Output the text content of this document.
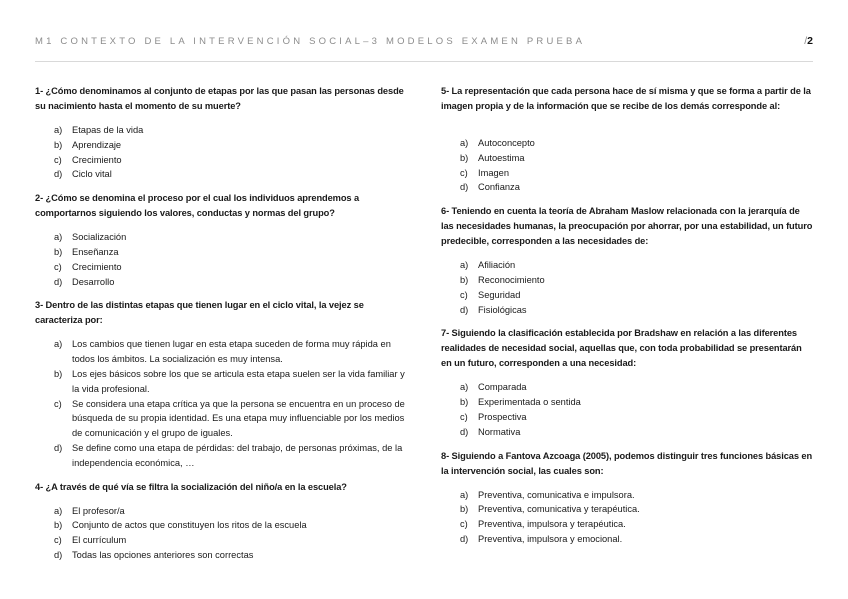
M1 CONTEXTO DE LA INTERVENCIÓN SOCIAL–3 MODELOS EXAMEN PRUEBA	/2

1- ¿Cómo denominamos al conjunto de etapas por las que pasan las personas desde su nacimiento hasta el momento de su muerte?

a) Etapas de la vida
b) Aprendizaje
c) Crecimiento
d) Ciclo vital

2- ¿Cómo se denomina el proceso por el cual los individuos aprendemos a comportarnos siguiendo los valores, conductas y normas del grupo?

a) Socialización
b) Enseñanza
c) Crecimiento
d) Desarrollo

3- Dentro de las distintas etapas que tienen lugar en el ciclo vital, la vejez se caracteriza por:

a) Los cambios que tienen lugar en esta etapa suceden de forma muy rápida en todos los ámbitos. La socialización es muy intensa.
b) Los ejes básicos sobre los que se articula esta etapa suelen ser la vida familiar y la vida profesional.
c) Se considera una etapa crítica ya que la persona se encuentra en un proceso de búsqueda de su propia identidad. Es una etapa muy influenciable por los medios de comunicación y el grupo de iguales.
d) Se define como una etapa de pérdidas: del trabajo, de personas próximas, de la independencia económica, …

4- ¿A través de qué vía se filtra la socialización del niño/a en la escuela?

a) El profesor/a
b) Conjunto de actos que constituyen los ritos de la escuela
c) El currículum
d) Todas las opciones anteriores son correctas

5- La representación que cada persona hace de sí misma y que se forma a partir de la imagen propia y de la información que se recibe de los demás corresponde al:

a) Autoconcepto
b) Autoestima
c) Imagen
d) Confianza

6- Teniendo en cuenta la teoría de Abraham Maslow relacionada con la jerarquía de las necesidades humanas, la preocupación por ahorrar, por una estabilidad, un futuro predecible, corresponden a las necesidades de:

a) Afiliación
b) Reconocimiento
c) Seguridad
d) Fisiológicas

7- Siguiendo la clasificación establecida por Bradshaw en relación a las diferentes realidades de necesidad social, aquellas que, con toda probabilidad se presentarán en un futuro, corresponden a una necesidad:

a) Comparada
b) Experimentada o sentida
c) Prospectiva
d) Normativa

8- Siguiendo a Fantova Azcoaga (2005), podemos distinguir tres funciones básicas en la intervención social, las cuales son:

a) Preventiva, comunicativa e impulsora.
b) Preventiva, comunicativa y terapéutica.
c) Preventiva, impulsora y terapéutica.
d) Preventiva, impulsora y emocional.
